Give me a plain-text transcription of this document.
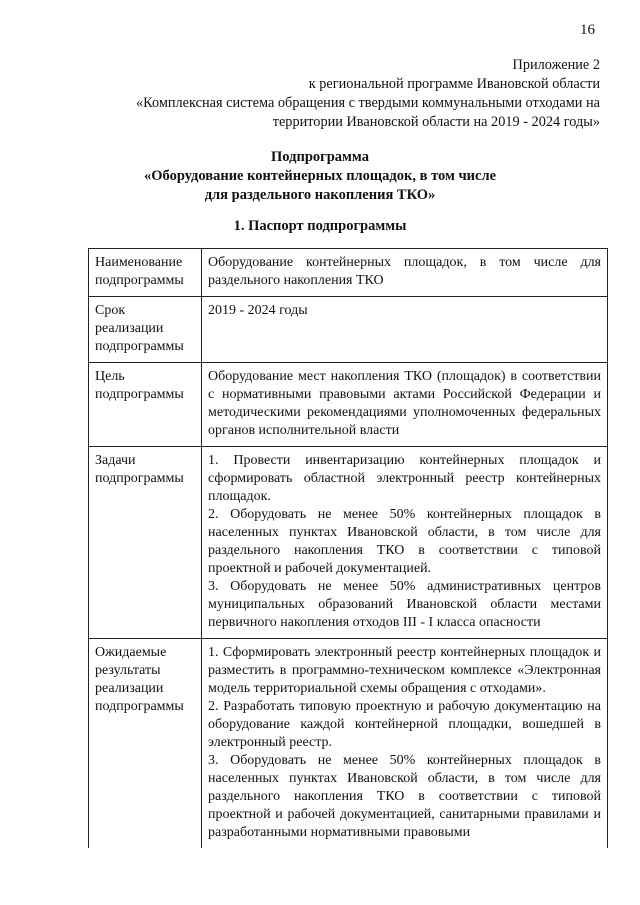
16
Приложение 2
к региональной программе Ивановской области
«Комплексная система обращения с твердыми коммунальными отходами на
территории Ивановской области на 2019 - 2024 годы»
Подпрограмма
«Оборудование контейнерных площадок, в том числе
для раздельного накопления ТКО»
1. Паспорт подпрограммы
Наименование подпрограммы	Оборудование контейнерных площадок, в том числе для раздельного накопления ТКО
Срок реализации подпрограммы	2019 - 2024 годы
Цель подпрограммы	Оборудование мест накопления ТКО (площадок) в соответствии с нормативными правовыми актами Российской Федерации и методическими рекомендациями уполномоченных федеральных органов исполнительной власти
Задачи подпрограммы	1. Провести инвентаризацию контейнерных площадок и сформировать областной электронный реестр контейнерных площадок.
2. Оборудовать не менее 50% контейнерных площадок в населенных пунктах Ивановской области, в том числе для раздельного накопления ТКО в соответствии с типовой проектной и рабочей документацией.
3. Оборудовать не менее 50% административных центров муниципальных образований Ивановской области местами первичного накопления отходов III - I класса опасности

Ожидаемые результаты реализации подпрограммы	1. Сформировать электронный реестр контейнерных площадок и разместить в программно-техническом комплексе «Электронная модель территориальной схемы обращения с отходами».
2. Разработать типовую проектную и рабочую документацию на оборудование каждой контейнерной площадки, вошедшей в электронный реестр.
3. Оборудовать не менее 50% контейнерных площадок в населенных пунктах Ивановской области, в том числе для раздельного накопления ТКО в соответствии с типовой проектной и рабочей документацией, санитарными правилами и разработанными нормативными правовыми
